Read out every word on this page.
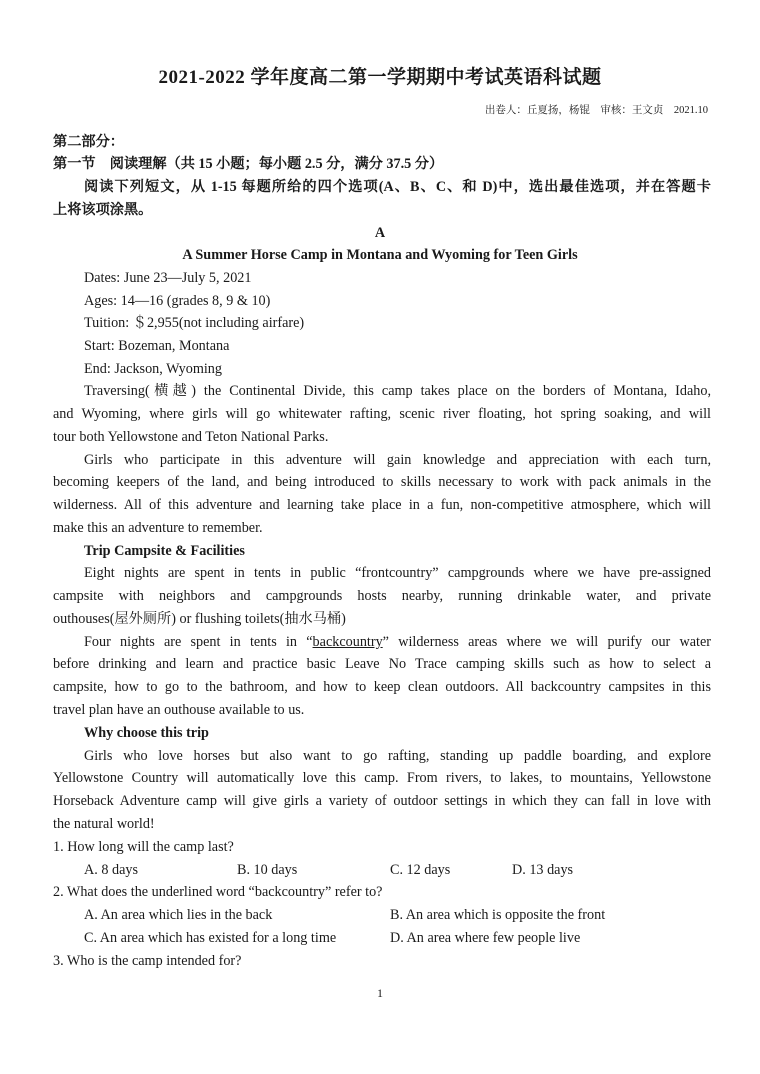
2021-2022 学年度高二第一学期期中考试英语科试题
出卷人：丘夏扬，杨锟　审核：王文贞　2021.10
第二部分：
第一节　阅读理解（共 15 小题；每小题 2.5 分，满分 37.5 分）
阅读下列短文，从 1-15 每题所给的四个选项(A、B、C、和 D)中，选出最佳选项，并在答题卡
上将该项涂黑。
A
A Summer Horse Camp in Montana and Wyoming for Teen Girls
Dates: June 23—July 5, 2021
Ages: 14—16 (grades 8, 9 & 10)
Tuition: ＄2,955(not including airfare)
Start: Bozeman, Montana
End: Jackson, Wyoming
Traversing(横越) the Continental Divide, this camp takes place on the borders of Montana, Idaho,
and Wyoming, where girls will go whitewater rafting, scenic river floating, hot spring soaking, and will
tour both Yellowstone and Teton National Parks.
Girls who participate in this adventure will gain knowledge and appreciation with each turn,
becoming keepers of the land, and being introduced to skills necessary to work with pack animals in the
wilderness. All of this adventure and learning take place in a fun, non-competitive atmosphere, which will
make this an adventure to remember.
Trip Campsite & Facilities
Eight nights are spent in tents in public “frontcountry” campgrounds where we have pre-assigned
campsite with neighbors and campgrounds hosts nearby, running drinkable water, and private
outhouses(屋外厕所) or flushing toilets(抽水马桶)
Four nights are spent in tents in “backcountry” wilderness areas where we will purify our water
before drinking and learn and practice basic Leave No Trace camping skills such as how to select a
campsite, how to go to the bathroom, and how to keep clean outdoors. All backcountry campsites in this
travel plan have an outhouse available to us.
Why choose this trip
Girls who love horses but also want to go rafting, standing up paddle boarding, and explore
Yellowstone Country will automatically love this camp. From rivers, to lakes, to mountains, Yellowstone
Horseback Adventure camp will give girls a variety of outdoor settings in which they can fall in love with
the natural world!
1. How long will the camp last?
A. 8 days	B. 10 days	C. 12 days	D. 13 days
2. What does the underlined word “backcountry” refer to?
A. An area which lies in the back	B. An area which is opposite the front
C. An area which has existed for a long time	D. An area where few people live
3. Who is the camp intended for?
1
